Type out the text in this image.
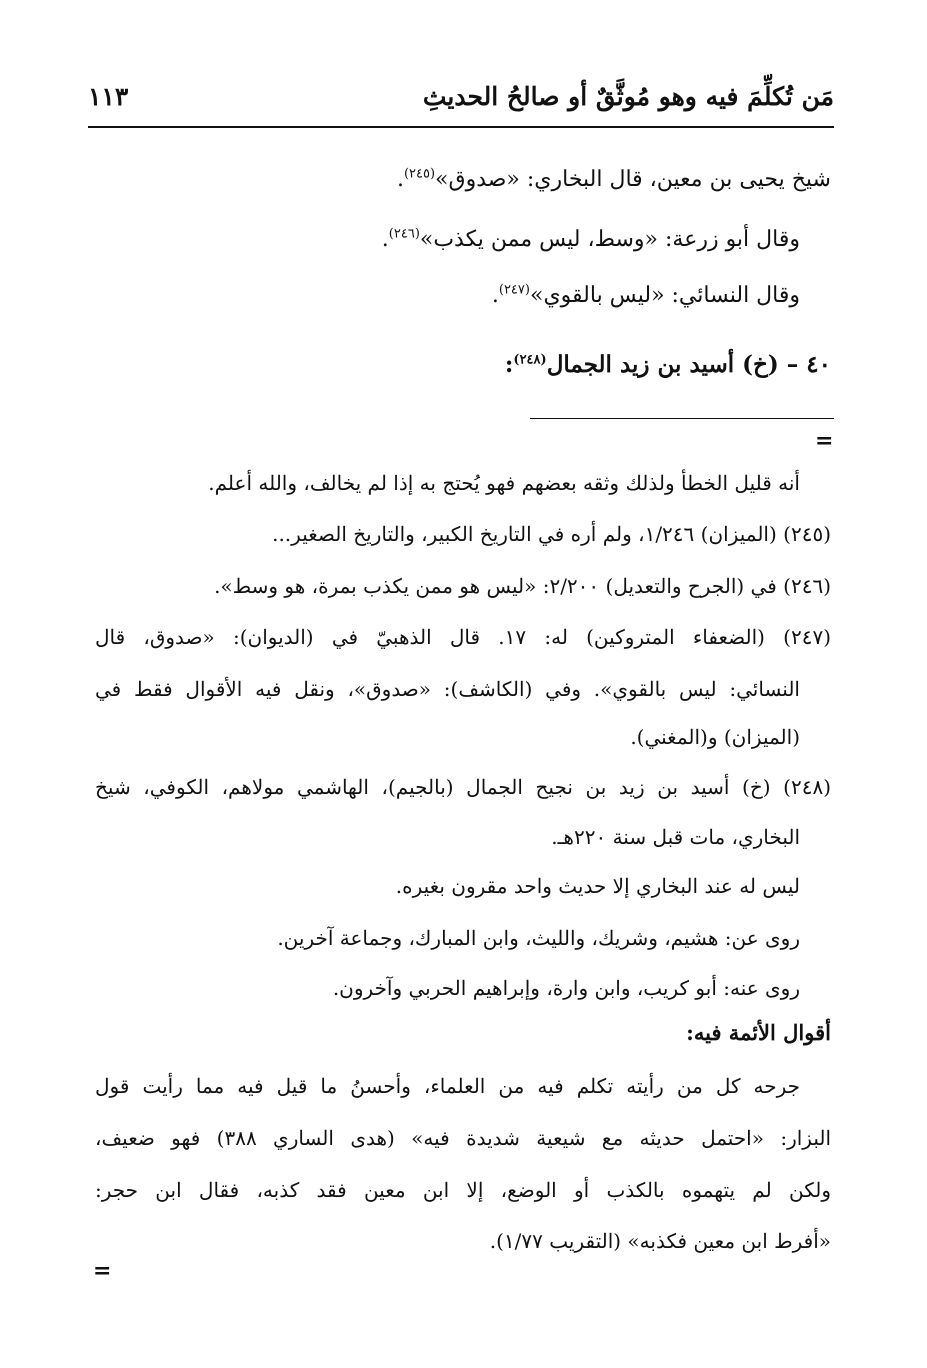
مَن تُكلِّمَ فيه وهو مُوثَّقٌ أو صالحُ الحديثِ
١١٣
شيخ يحيى بن معين، قال البخاري: «صدوق»$^{(٢٤٥)}$.
وقال أبو زرعة: «وسط، ليس ممن يكذب»$^{(٢٤٦)}$.
وقال النسائي: «ليس بالقوي»$^{(٢٤٧)}$.
٤٠ – (خ) أسيد بن زيد الجمال$^{(٢٤٨)}$:
=
أنه قليل الخطأ ولذلك وثقه بعضهم فهو يُحتج به إذا لم يخالف، والله أعلم.
(٢٤٥) (الميزان) ١/٢٤٦، ولم أره في التاريخ الكبير، والتاريخ الصغير...
(٢٤٦) في (الجرح والتعديل) ٢/٢٠٠: «ليس هو ممن يكذب بمرة، هو وسط».
(٢٤٧) (الضعفاء المتروكين) له: ١٧. قال الذهبيّ في (الديوان): «صدوق، قال
النسائي: ليس بالقوي». وفي (الكاشف): «صدوق»، ونقل فيه الأقوال فقط في
(الميزان) و(المغني).
(٢٤٨) (خ) أسيد بن زيد بن نجيح الجمال (بالجيم)، الهاشمي مولاهم، الكوفي، شيخ
البخاري، مات قبل سنة ٢٢٠هـ.
ليس له عند البخاري إلا حديث واحد مقرون بغيره.
روى عن: هشيم، وشريك، والليث، وابن المبارك، وجماعة آخرين.
روى عنه: أبو كريب، وابن وارة، وإبراهيم الحربي وآخرون.
أقوال الأئمة فيه:
جرحه كل من رأيته تكلم فيه من العلماء، وأحسنُ ما قيل فيه مما رأيت قول
البزار: «احتمل حديثه مع شيعية شديدة فيه» (هدى الساري ٣٨٨) فهو ضعيف،
ولكن لم يتهموه بالكذب أو الوضع، إلا ابن معين فقد كذبه، فقال ابن حجر:
«أفرط ابن معين فكذبه» (التقريب ١/٧٧).
=
